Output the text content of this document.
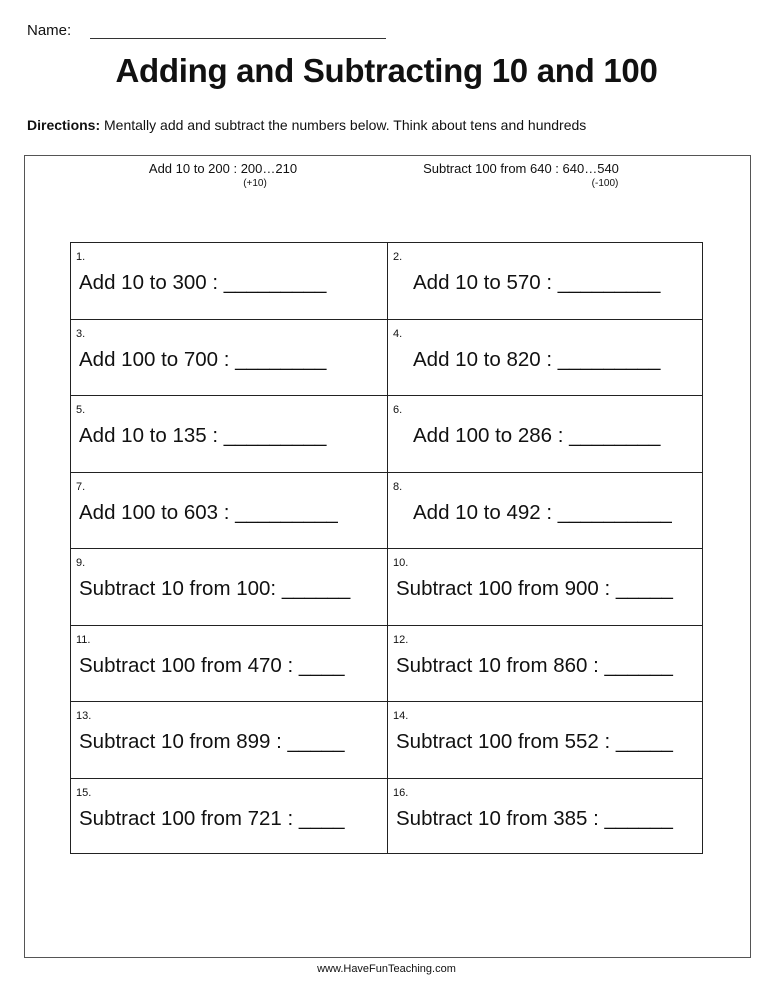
Name:
Adding and Subtracting 10 and 100
Directions: Mentally add and subtract the numbers below. Think about tens and hundreds
Add 10 to 200 : 200…210
(+10)
Subtract 100 from 640 : 640…540
(-100)
1.
Add 10 to 300 : _________
2.
Add 10 to 570 : _________
3.
Add 100 to 700 : ________
4.
Add 10 to 820 : _________
5.
Add 10 to 135 : _________
6.
Add 100 to 286 : ________
7.
Add 100 to 603 : _________
8.
Add 10 to 492 : __________
9.
Subtract 10 from 100: ______
10.
Subtract 100 from 900 : _____
11.
Subtract 100 from 470 : ____
12.
Subtract 10 from 860 : ______
13.
Subtract 10 from 899 : _____
14.
Subtract 100 from 552 : _____
15.
Subtract 100 from 721 : ____
16.
Subtract 10 from 385 : ______
www.HaveFunTeaching.com
